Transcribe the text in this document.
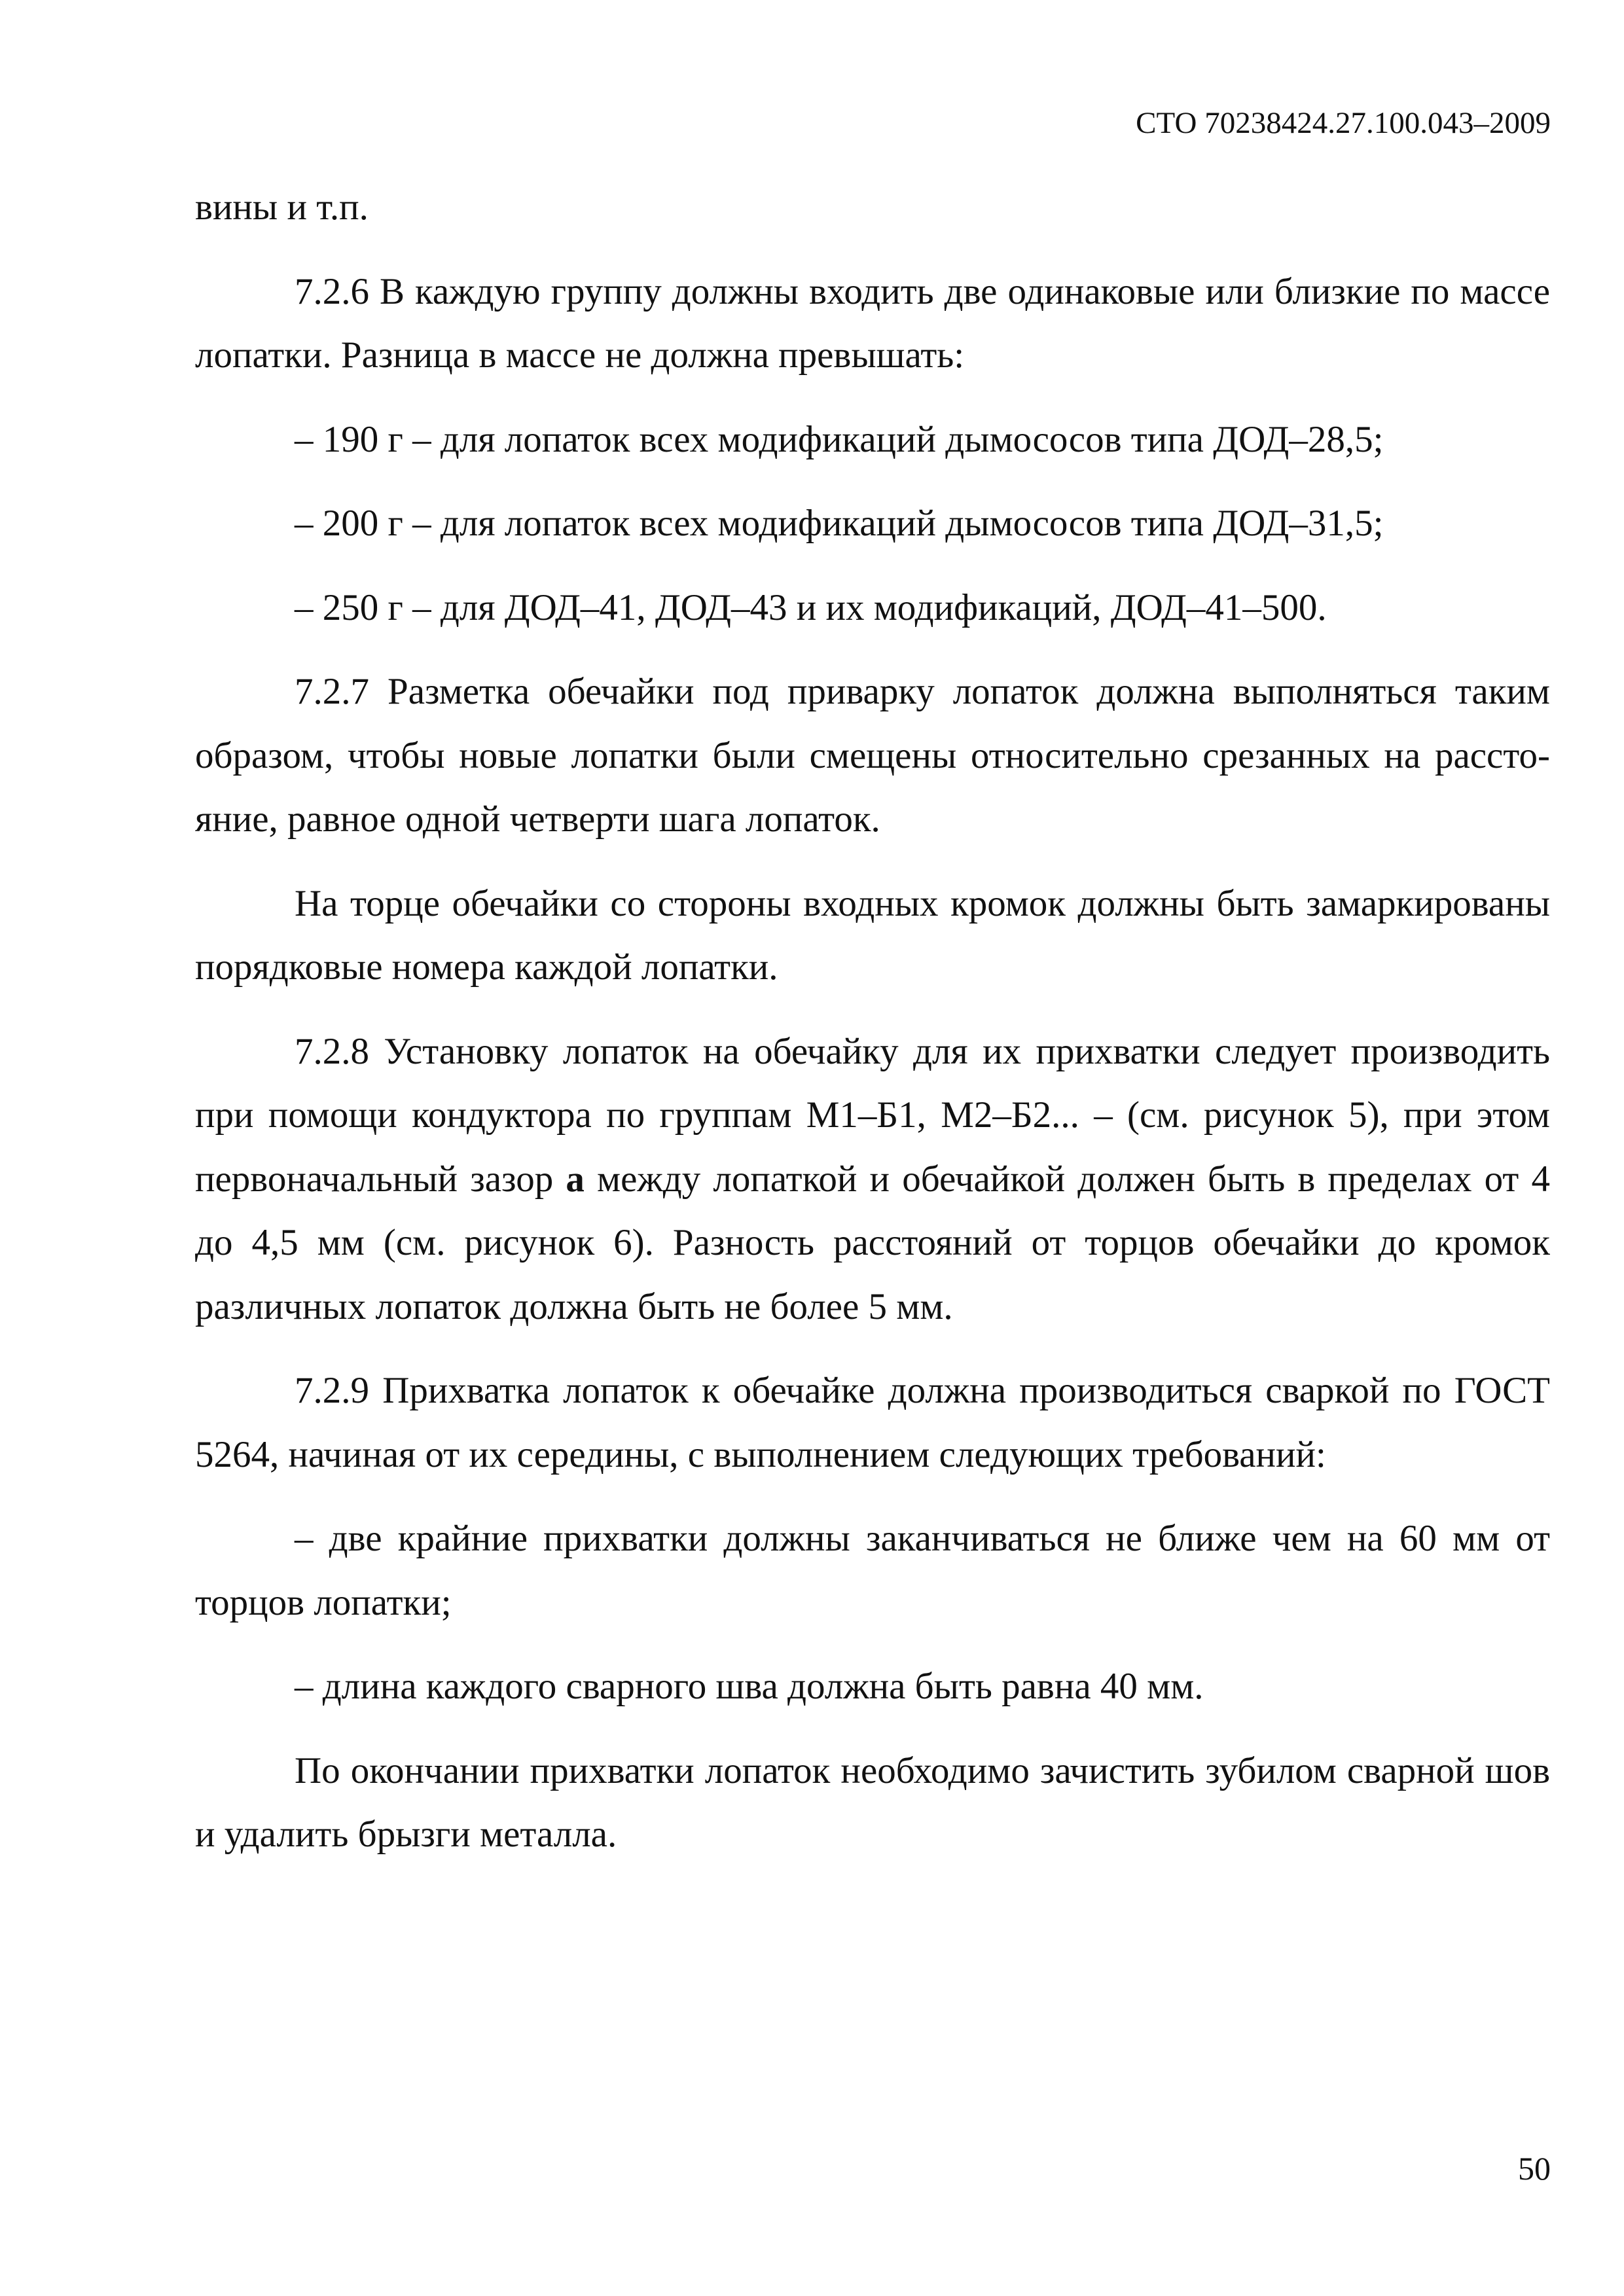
СТО 70238424.27.100.043–2009

вины и т.п.

7.2.6 В каждую группу должны входить две одинаковые или близкие по массе лопатки. Разница в массе не должна превышать:

– 190 г – для лопаток всех модификаций дымососов типа ДОД–28,5;

– 200 г – для лопаток всех модификаций дымососов типа ДОД–31,5;

– 250 г – для ДОД–41, ДОД–43 и их модификаций, ДОД–41–500.

7.2.7 Разметка обечайки под приварку лопаток должна выполняться таким образом, чтобы новые лопатки были смещены относительно срезанных на расстояние, равное одной четверти шага лопаток.

На торце обечайки со стороны входных кромок должны быть замаркированы порядковые номера каждой лопатки.

7.2.8 Установку лопаток на обечайку для их прихватки следует производить при помощи кондуктора по группам М1–Б1, М2–Б2... – (см. рисунок 5), при этом первоначальный зазор а между лопаткой и обечайкой должен быть в пределах от 4 до 4,5 мм (см. рисунок 6). Разность расстояний от торцов обечайки до кромок различных лопаток должна быть не более 5 мм.

7.2.9 Прихватка лопаток к обечайке должна производиться сваркой по ГОСТ 5264, начиная от их середины, с выполнением следующих требований:

– две крайние прихватки должны заканчиваться не ближе чем на 60 мм от торцов лопатки;

– длина каждого сварного шва должна быть равна 40 мм.

По окончании прихватки лопаток необходимо зачистить зубилом сварной шов и удалить брызги металла.

50
